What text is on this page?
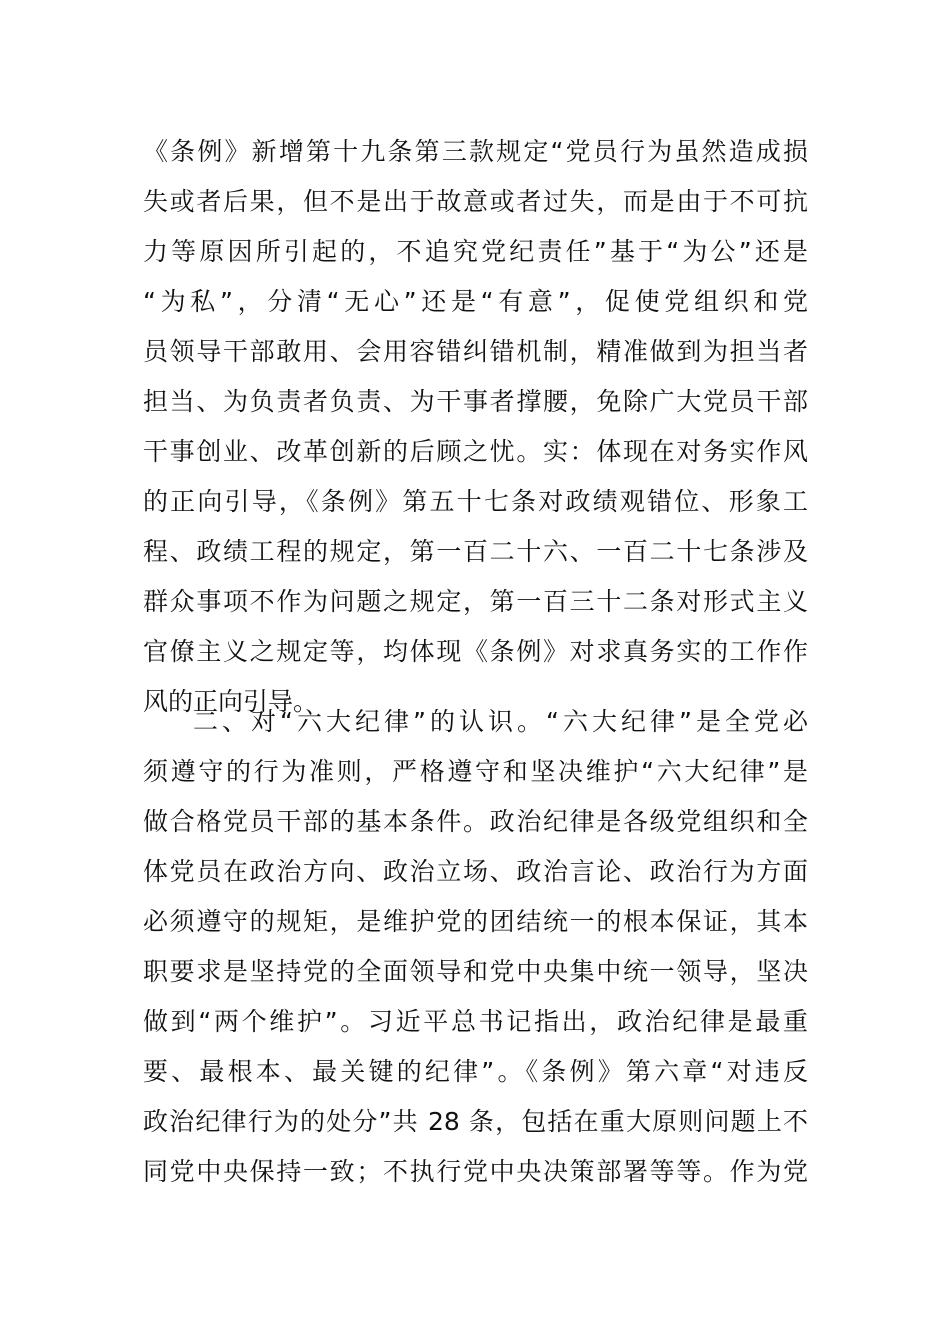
《条例》新增第十九条第三款规定“党员行为虽然造成损
失或者后果，但不是出于故意或者过失，而是由于不可抗
力等原因所引起的，不追究党纪责任”基于“为公”还是
“为私”，分清“无心”还是“有意”，促使党组织和党
员领导干部敢用、会用容错纠错机制，精准做到为担当者
担当、为负责者负责、为干事者撑腰，免除广大党员干部
干事创业、改革创新的后顾之忧。实：体现在对务实作风
的正向引导，《条例》第五十七条对政绩观错位、形象工
程、政绩工程的规定，第一百二十六、一百二十七条涉及
群众事项不作为问题之规定，第一百三十二条对形式主义
官僚主义之规定等，均体现《条例》对求真务实的工作作
风的正向引导。
二、对“六大纪律”的认识。“六大纪律”是全党必
须遵守的行为准则，严格遵守和坚决维护“六大纪律”是
做合格党员干部的基本条件。政治纪律是各级党组织和全
体党员在政治方向、政治立场、政治言论、政治行为方面
必须遵守的规矩，是维护党的团结统一的根本保证，其本
职要求是坚持党的全面领导和党中央集中统一领导，坚决
做到“两个维护”。习近平总书记指出，政治纪律是最重
要、最根本、最关键的纪律”。《条例》第六章“对违反
政治纪律行为的处分”共 28 条，包括在重大原则问题上不
同党中央保持一致；不执行党中央决策部署等等。作为党
